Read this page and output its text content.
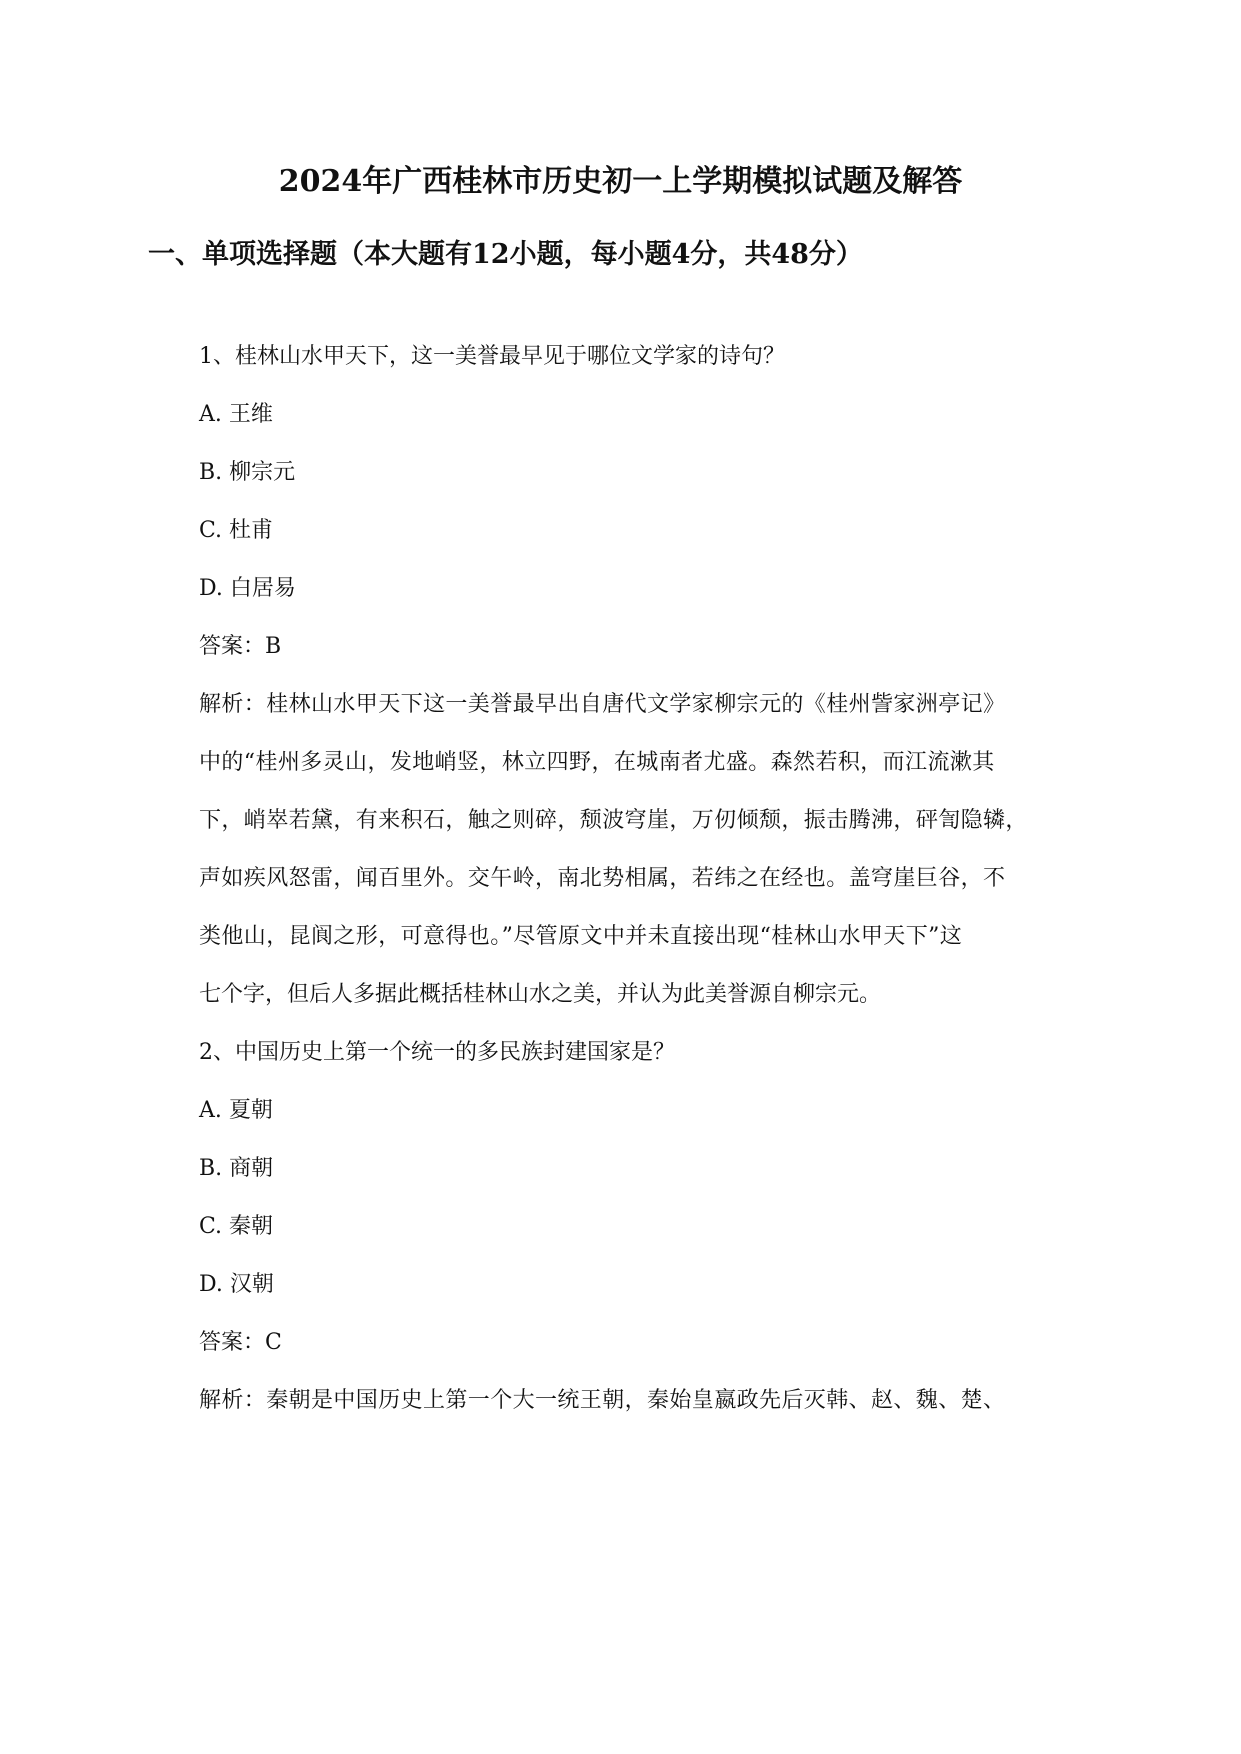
2024年广西桂林市历史初一上学期模拟试题及解答
一、单项选择题（本大题有12小题，每小题4分，共48分）
1、桂林山水甲天下，这一美誉最早见于哪位文学家的诗句？
A. 王维
B. 柳宗元
C. 杜甫
D. 白居易
答案：B
解析：桂林山水甲天下这一美誉最早出自唐代文学家柳宗元的《桂州訾家洲亭记》
中的“桂州多灵山，发地峭竖，林立四野，在城南者尤盛。森然若积，而江流漱其
下，峭崒若黛，有来积石，触之则碎，颓波穹崖，万仞倾颓，振击腾沸，砰訇隐辚，
声如疾风怒雷，闻百里外。交午岭，南北势相属，若纬之在经也。盖穹崖巨谷，不
类他山，昆阆之形，可意得也。”尽管原文中并未直接出现“桂林山水甲天下”这
七个字，但后人多据此概括桂林山水之美，并认为此美誉源自柳宗元。
2、中国历史上第一个统一的多民族封建国家是？
A. 夏朝
B. 商朝
C. 秦朝
D. 汉朝
答案：C
解析：秦朝是中国历史上第一个大一统王朝，秦始皇嬴政先后灭韩、赵、魏、楚、
